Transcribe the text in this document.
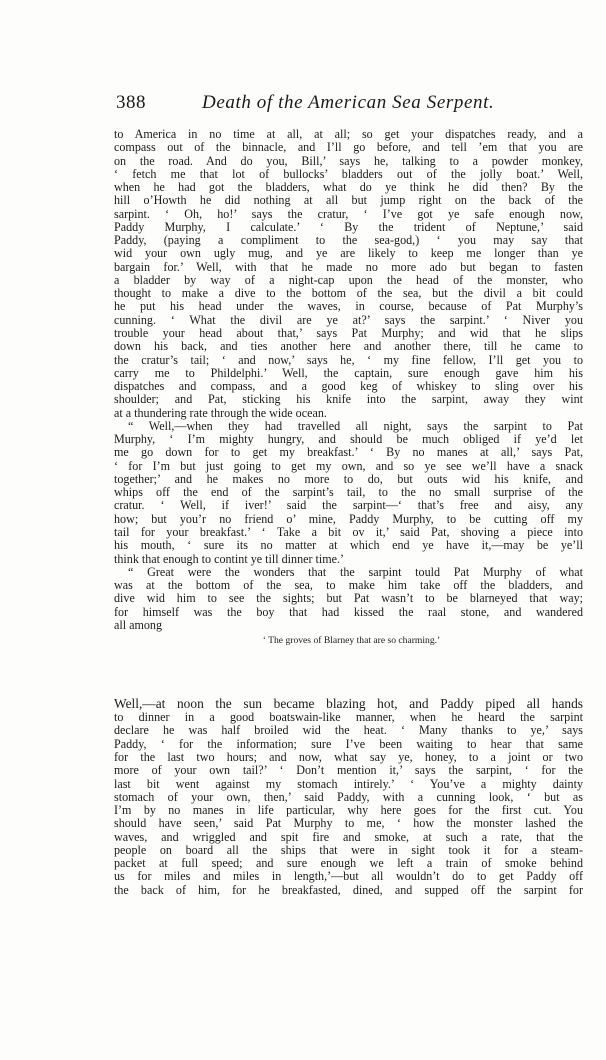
388	Death of the American Sea Serpent.
to America in no time at all, at all; so get your dispatches ready, and a
compass out of the binnacle, and I’ll go before, and tell ’em that you are
on the road. And do you, Bill,’ says he, talking to a powder monkey,
‘ fetch me that lot of bullocks’ bladders out of the jolly boat.’ Well,
when he had got the bladders, what do ye think he did then? By the
hill o’Howth he did nothing at all but jump right on the back of the
sarpint. ‘ Oh, ho!’ says the cratur, ‘ I’ve got ye safe enough now,
Paddy Murphy, I calculate.’ ‘ By the trident of Neptune,’ said
Paddy, (paying a compliment to the sea-god,) ‘ you may say that
wid your own ugly mug, and ye are likely to keep me longer than ye
bargain for.’ Well, with that he made no more ado but began to fasten
a bladder by way of a night-cap upon the head of the monster, who
thought to make a dive to the bottom of the sea, but the divil a bit could
he put his head under the waves, in course, because of Pat Murphy’s
cunning. ‘ What the divil are ye at?’ says the sarpint.’ ‘ Niver you
trouble your head about that,’ says Pat Murphy; and wid that he slips
down his back, and ties another here and another there, till he came to
the cratur’s tail; ‘ and now,’ says he, ‘ my fine fellow, I’ll get you to
carry me to Phildelphi.’ Well, the captain, sure enough gave him his
dispatches and compass, and a good keg of whiskey to sling over his
shoulder; and Pat, sticking his knife into the sarpint, away they wint
at a thundering rate through the wide ocean.
“ Well,—when they had travelled all night, says the sarpint to Pat
Murphy, ‘ I’m mighty hungry, and should be much obliged if ye’d let
me go down for to get my breakfast.’ ‘ By no manes at all,’ says Pat,
‘ for I’m but just going to get my own, and so ye see we’ll have a snack
together;’ and he makes no more to do, but outs wid his knife, and
whips off the end of the sarpint’s tail, to the no small surprise of the
cratur. ‘ Well, if iver!’ said the sarpint—‘ that’s free and aisy, any
how; but you’r no friend o’ mine, Paddy Murphy, to be cutting off my
tail for your breakfast.’ ‘ Take a bit ov it,’ said Pat, shoving a piece into
his mouth, ‘ sure its no matter at which end ye have it,—may be ye’ll
think that enough to contint ye till dinner time.’
“ Great were the wonders that the sarpint tould Pat Murphy of what
was at the bottom of the sea, to make him take off the bladders, and
dive wid him to see the sights; but Pat wasn’t to be blarneyed that way;
for himself was the boy that had kissed the raal stone, and wandered
all among
‘ The groves of Blarney that are so charming.’
Well,—at noon the sun became blazing hot, and Paddy piped all hands
to dinner in a good boatswain-like manner, when he heard the sarpint
declare he was half broiled wid the heat. ‘ Many thanks to ye,’ says
Paddy, ‘ for the information; sure I’ve been waiting to hear that same
for the last two hours; and now, what say ye, honey, to a joint or two
more of your own tail?’ ‘ Don’t mention it,’ says the sarpint, ‘ for the
last bit went against my stomach intirely.’ ‘ You’ve a mighty dainty
stomach of your own, then,’ said Paddy, with a cunning look, ‘ but as
I’m by no manes in life particular, why here goes for the first cut. You
should have seen,’ said Pat Murphy to me, ‘ how the monster lashed the
waves, and wriggled and spit fire and smoke, at such a rate, that the
people on board all the ships that were in sight took it for a steam-
packet at full speed; and sure enough we left a train of smoke behind
us for miles and miles in length,’—but all wouldn’t do to get Paddy off
the back of him, for he breakfasted, dined, and supped off the sarpint for
